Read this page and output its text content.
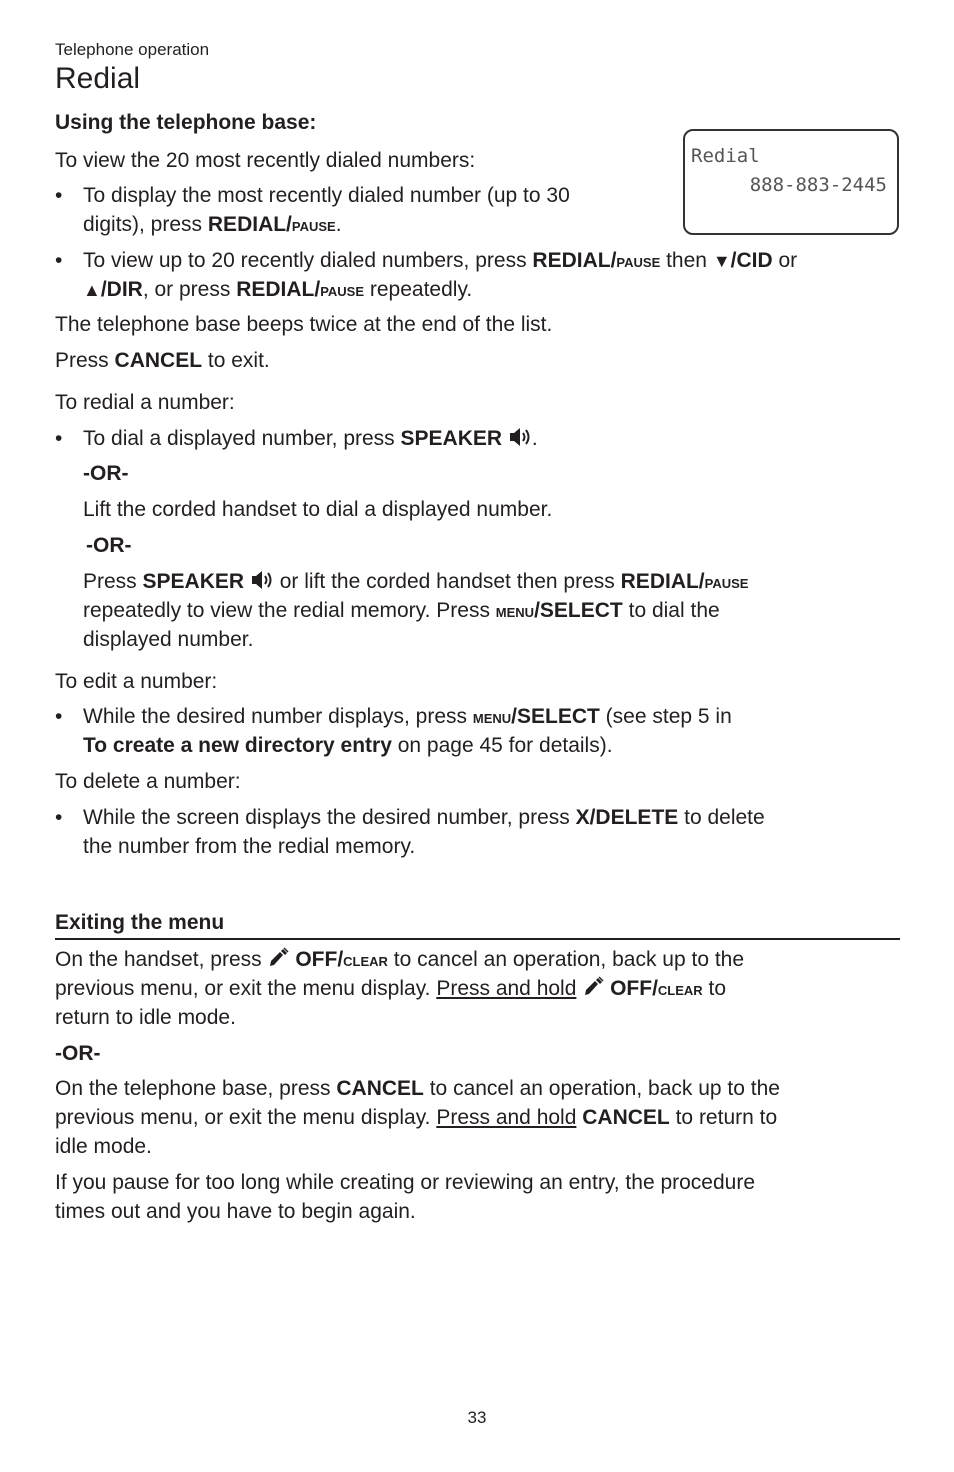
Telephone operation
Redial
Using the telephone base:
To view the 20 most recently dialed numbers:	Redial
888-883-2445
• To display the most recently dialed number (up to 30
digits), press REDIAL/pause.
• To view up to 20 recently dialed numbers, press REDIAL/pause then ▼/CID or
▲/DIR, or press REDIAL/pause repeatedly.
The telephone base beeps twice at the end of the list.
Press CANCEL to exit.
To redial a number:
• To dial a displayed number, press SPEAKER .
-OR-
Lift the corded handset to dial a displayed number.
-OR-
Press SPEAKER or lift the corded handset then press REDIAL/pause
repeatedly to view the redial memory. Press menu/SELECT to dial the
displayed number.
To edit a number:
• While the desired number displays, press menu/SELECT (see step 5 in
To create a new directory entry on page 45 for details).
To delete a number:
• While the screen displays the desired number, press X/DELETE to delete
the number from the redial memory.
Exiting the menu
On the handset, press OFF/clear to cancel an operation, back up to the
previous menu, or exit the menu display. Press and hold OFF/clear to
return to idle mode.
-OR-
On the telephone base, press CANCEL to cancel an operation, back up to the
previous menu, or exit the menu display. Press and hold CANCEL to return to
idle mode.
If you pause for too long while creating or reviewing an entry, the procedure
times out and you have to begin again.
33
